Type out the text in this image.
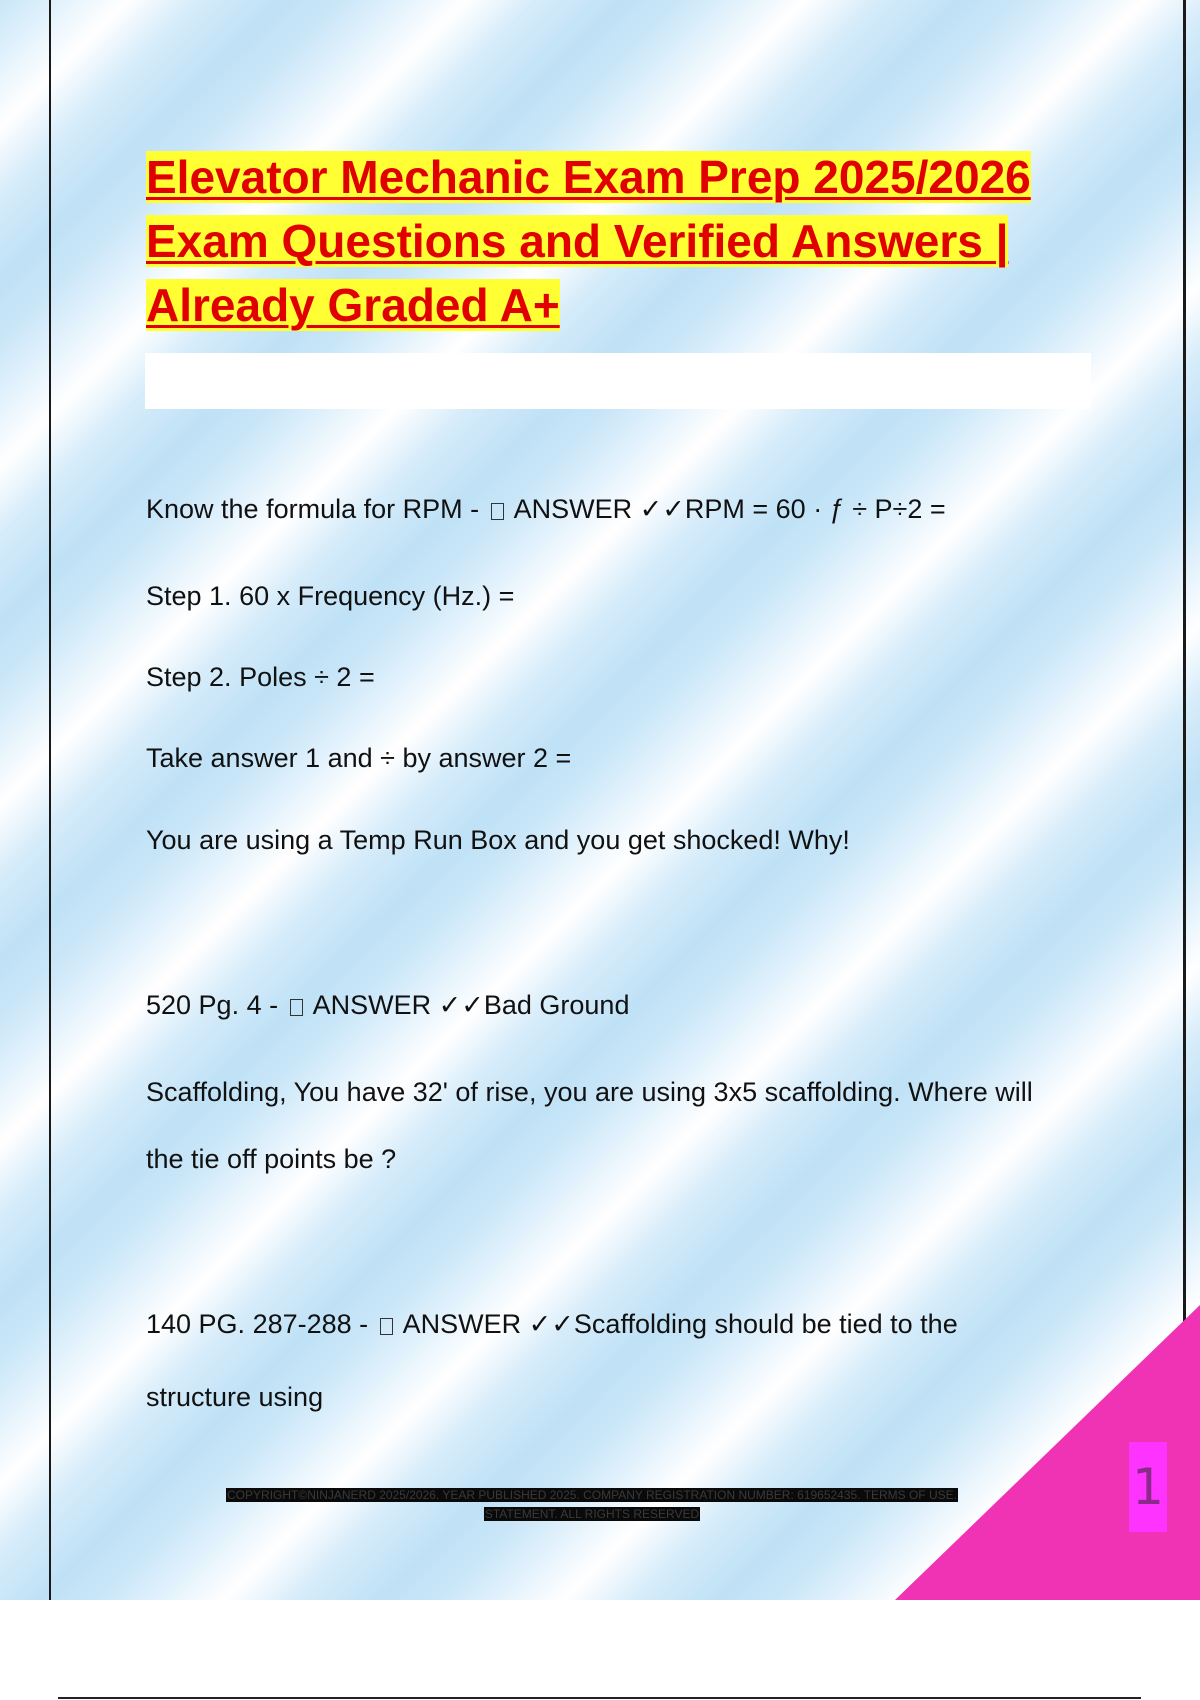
Elevator Mechanic Exam Prep 2025/2026
Exam Questions and Verified Answers |
Already Graded A+

Know the formula for RPM -  ANSWER ✓✓RPM = 60 · ƒ ÷ P÷2 =

Step 1. 60 x Frequency (Hz.) =

Step 2. Poles ÷ 2 =

Take answer 1 and ÷ by answer 2 =

You are using a Temp Run Box and you get shocked! Why!

520 Pg. 4 -  ANSWER ✓✓Bad Ground

Scaffolding, You have 32' of rise, you are using 3x5 scaffolding. Where will

the tie off points be ?

140 PG. 287-288 -  ANSWER ✓✓Scaffolding should be tied to the

structure using

1
COPYRIGHT©NINJANERD 2025/2026. YEAR PUBLISHED 2025. COMPANY REGISTRATION NUMBER: 619652435. TERMS OF USE.
STATEMENT. ALL RIGHTS RESERVED
